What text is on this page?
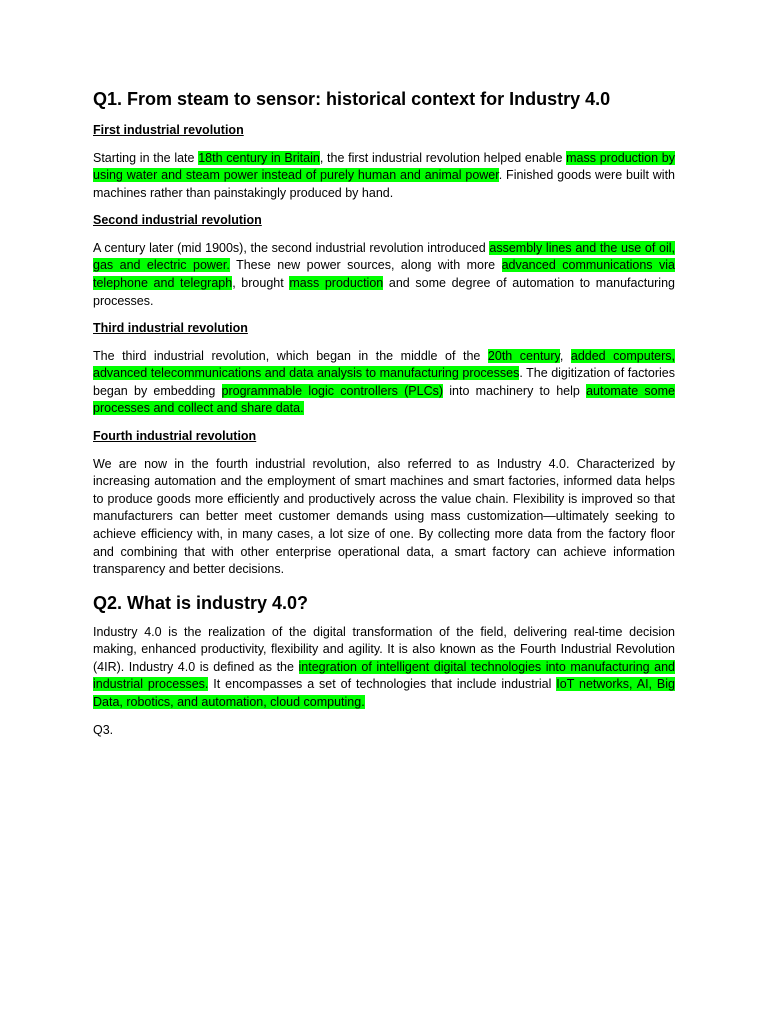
Q1. From steam to sensor: historical context for Industry 4.0
First industrial revolution

Starting in the late 18th century in Britain, the first industrial revolution helped enable mass production by using water and steam power instead of purely human and animal power. Finished goods were built with machines rather than painstakingly produced by hand.

Second industrial revolution

A century later (mid 1900s), the second industrial revolution introduced assembly lines and the use of oil, gas and electric power. These new power sources, along with more advanced communications via telephone and telegraph, brought mass production and some degree of automation to manufacturing processes.

Third industrial revolution

The third industrial revolution, which began in the middle of the 20th century, added computers, advanced telecommunications and data analysis to manufacturing processes. The digitization of factories began by embedding programmable logic controllers (PLCs) into machinery to help automate some processes and collect and share data.

Fourth industrial revolution

We are now in the fourth industrial revolution, also referred to as Industry 4.0. Characterized by increasing automation and the employment of smart machines and smart factories, informed data helps to produce goods more efficiently and productively across the value chain. Flexibility is improved so that manufacturers can better meet customer demands using mass customization—ultimately seeking to achieve efficiency with, in many cases, a lot size of one. By collecting more data from the factory floor and combining that with other enterprise operational data, a smart factory can achieve information transparency and better decisions.

Q2. What is industry 4.0?

Industry 4.0 is the realization of the digital transformation of the field, delivering real-time decision making, enhanced productivity, flexibility and agility. It is also known as the Fourth Industrial Revolution (4IR). Industry 4.0 is defined as the integration of intelligent digital technologies into manufacturing and industrial processes. It encompasses a set of technologies that include industrial IoT networks, AI, Big Data, robotics, and automation, cloud computing.

Q3.
